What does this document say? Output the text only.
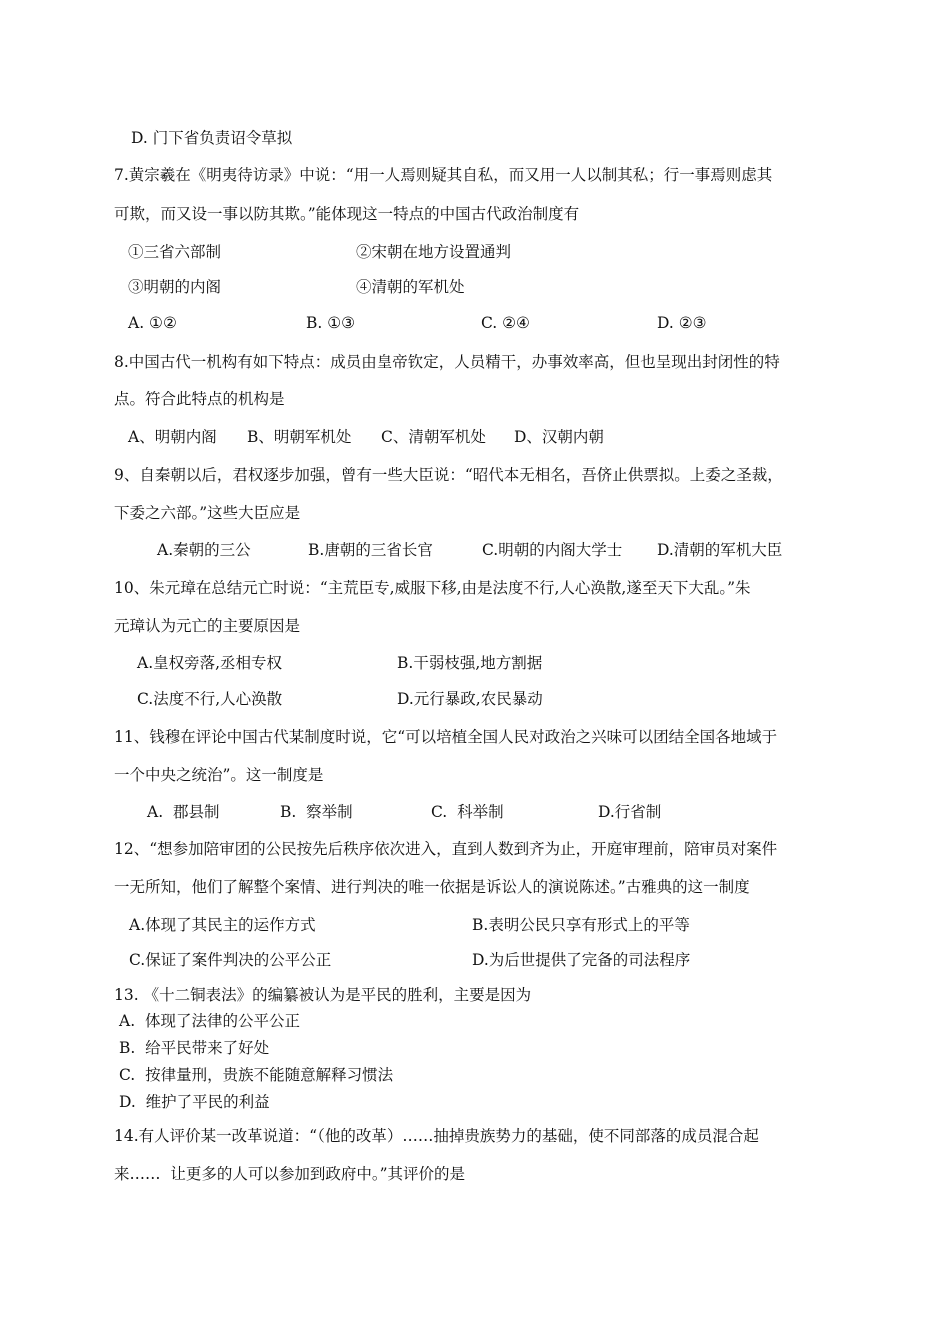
D. 门下省负责诏令草拟

7.黄宗羲在《明夷待访录》中说：“用一人焉则疑其自私，而又用一人以制其私；行一事焉则虑其

可欺，而又设一事以防其欺。”能体现这一特点的中国古代政治制度有

①三省六部制	②宋朝在地方设置通判

③明朝的内阁	④清朝的军机处

A. ①②	B. ①③	C. ②④	D. ②③

8.中国古代一机构有如下特点：成员由皇帝钦定，人员精干，办事效率高，但也呈现出封闭性的特

点。符合此特点的机构是

A、明朝内阁 B、明朝军机处 C、清朝军机处 D、汉朝内朝

9、自秦朝以后，君权逐步加强，曾有一些大臣说：“昭代本无相名，吾侪止供票拟。上委之圣裁，

下委之六部。”这些大臣应是

A.秦朝的三公	B.唐朝的三省长官	C.明朝的内阁大学士 D.清朝的军机大臣

10、朱元璋在总结元亡时说：“主荒臣专,威服下移,由是法度不行,人心涣散,遂至天下大乱。”朱

元璋认为元亡的主要原因是

A.皇权旁落,丞相专权	B.干弱枝强,地方割据

C.法度不行,人心涣散	D.元行暴政,农民暴动

11、钱穆在评论中国古代某制度时说，它“可以培植全国人民对政治之兴味可以团结全国各地域于

一个中央之统治”。这一制度是

A.  郡县制	B.  察举制	C.  科举制	D.行省制

12、“想参加陪审团的公民按先后秩序依次进入，直到人数到齐为止，开庭审理前，陪审员对案件

一无所知，他们了解整个案情、进行判决的唯一依据是诉讼人的演说陈述。”古雅典的这一制度

A.体现了其民主的运作方式	B.表明公民只享有形式上的平等

C.保证了案件判决的公平公正	D.为后世提供了完备的司法程序

13. 《十二铜表法》的编纂被认为是平民的胜利，主要是因为

A.  体现了法律的公平公正

B.  给平民带来了好处

C.  按律量刑，贵族不能随意解释习惯法

D.  维护了平民的利益

14.有人评价某一改革说道：“（他的改革）……抽掉贵族势力的基础，使不同部落的成员混合起

来……  让更多的人可以参加到政府中。”其评价的是
